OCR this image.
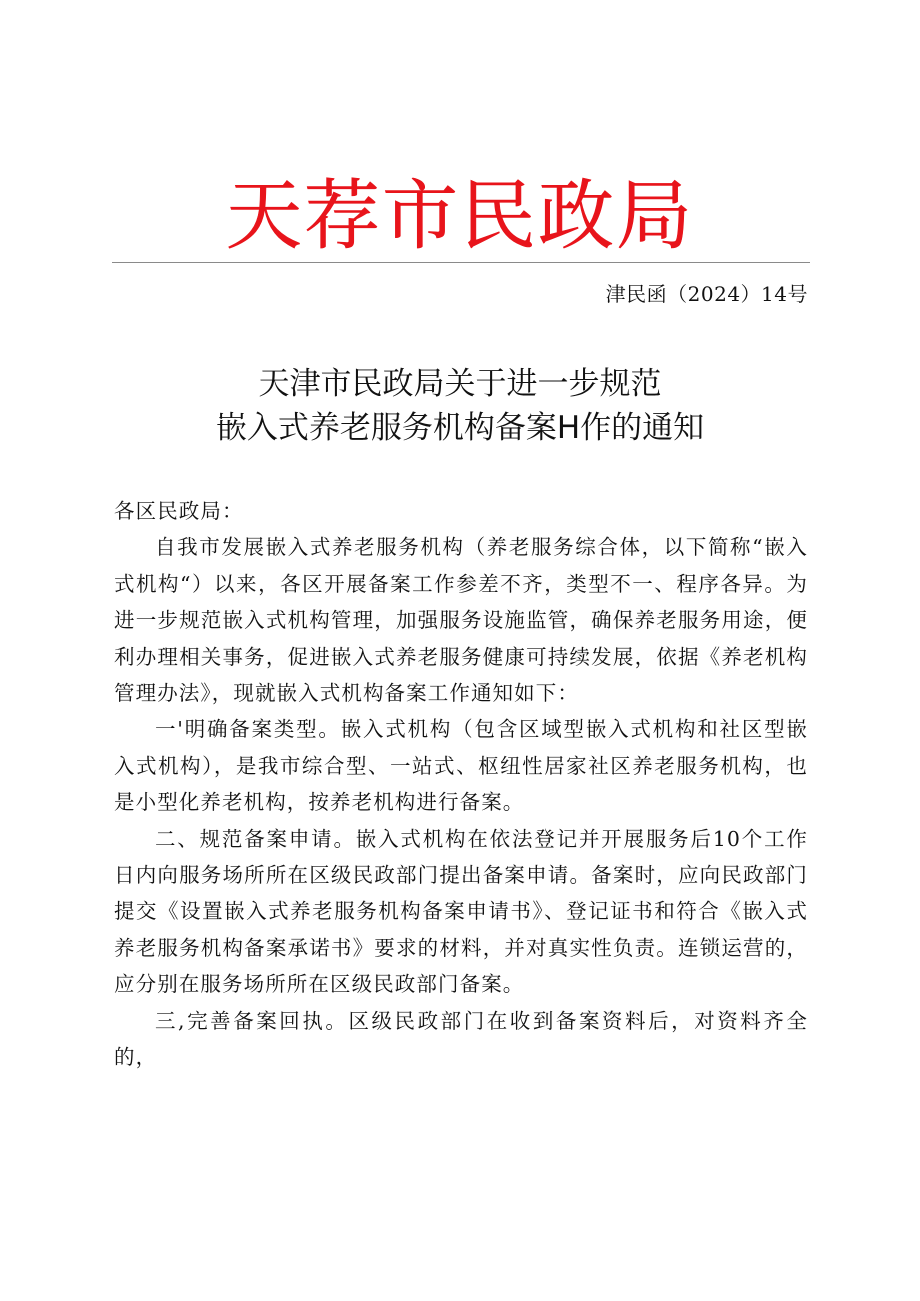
天荐市民政局
津民函（2024）14号
天津市民政局关于进一步规范
嵌入式养老服务机构备案H作的通知

各区民政局：

自我市发展嵌入式养老服务机构（养老服务综合体，以下简称“嵌入式机构“）以来，各区开展备案工作参差不齐，类型不一、程序各异。为进一步规范嵌入式机构管理，加强服务设施监管，确保养老服务用途，便利办理相关事务，促进嵌入式养老服务健康可持续发展，依据《养老机构管理办法》，现就嵌入式机构备案工作通知如下：

一'明确备案类型。嵌入式机构（包含区域型嵌入式机构和社区型嵌入式机构），是我市综合型、一站式、枢纽性居家社区养老服务机构，也是小型化养老机构，按养老机构进行备案。

二、规范备案申请。嵌入式机构在依法登记并开展服务后10个工作日内向服务场所所在区级民政部门提出备案申请。备案时，应向民政部门提交《设置嵌入式养老服务机构备案申请书》、登记证书和符合《嵌入式养老服务机构备案承诺书》要求的材料，并对真实性负责。连锁运营的，应分别在服务场所所在区级民政部门备案。

三,完善备案回执。区级民政部门在收到备案资料后，对资料齐全的，
